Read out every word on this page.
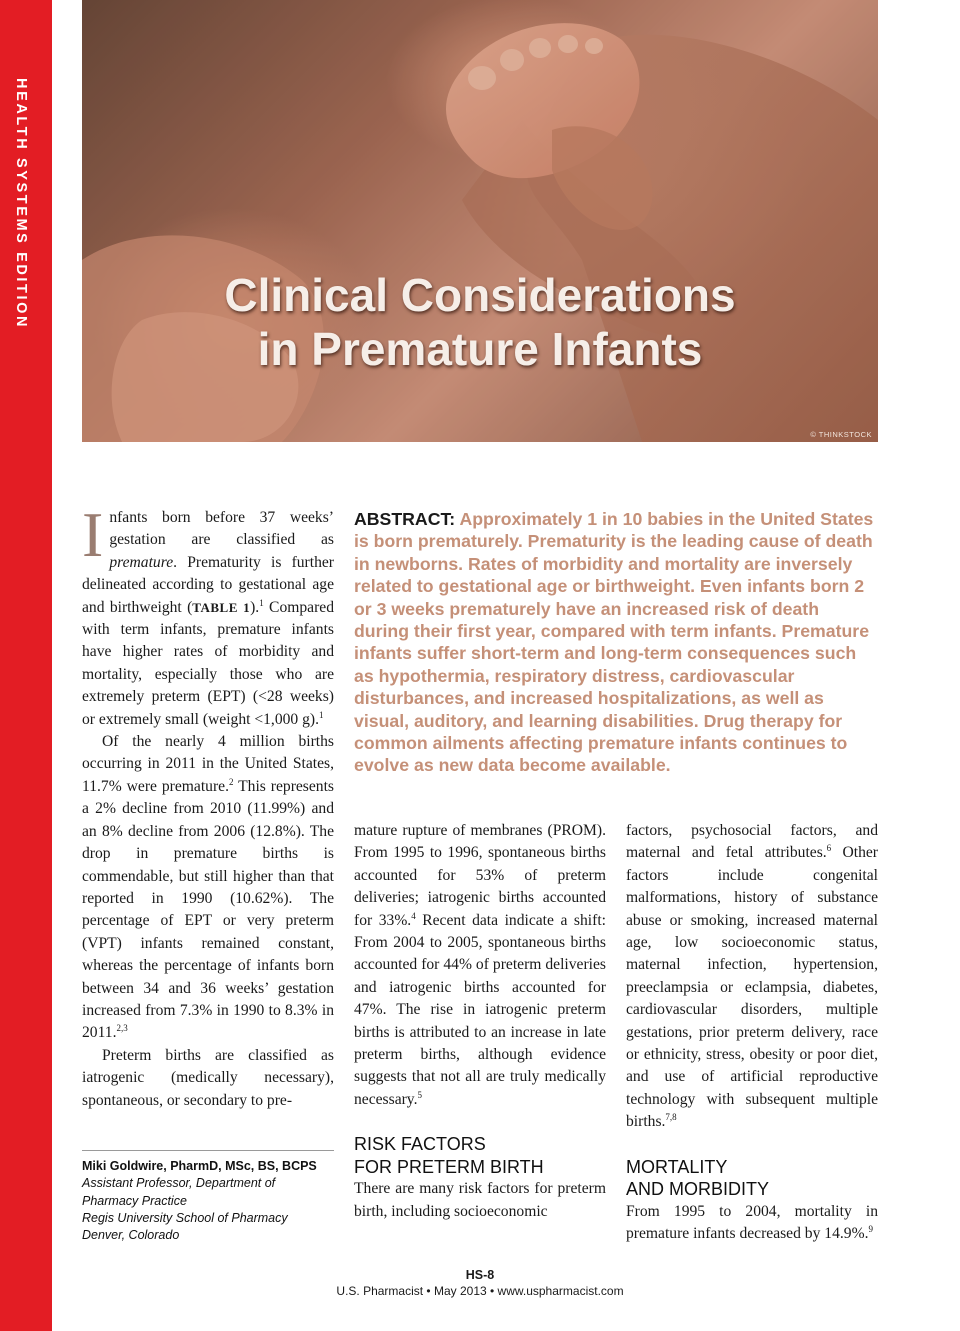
HEALTH SYSTEMS EDITION	Clinical Considerations
in Premature Infants
© THINKSTOCK

Infants born before 37 weeks’ gestation are classified as premature. Prematurity is further delineated according to gestational age and birthweight (TABLE 1).$^1$ Compared with term infants, premature infants have higher rates of morbidity and mortality, especially those who are extremely preterm (EPT) (<28 weeks) or extremely small (weight <1,000 g).$^1$

Of the nearly 4 million births occurring in 2011 in the United States, 11.7% were premature.$^2$ This represents a 2% decline from 2010 (11.99%) and an 8% decline from 2006 (12.8%). The drop in premature births is commendable, but still higher than that reported in 1990 (10.62%). The percentage of EPT or very preterm (VPT) infants remained constant, whereas the percentage of infants born between 34 and 36 weeks’ gestation increased from 7.3% in 1990 to 8.3% in 2011.$^{2,3}$

Preterm births are classified as iatrogenic (medically necessary), spontaneous, or secondary to pre-

ABSTRACT: Approximately 1 in 10 babies in the United States is born prematurely. Prematurity is the leading cause of death in newborns. Rates of morbidity and mortality are inversely related to gestational age or birthweight. Even infants born 2 or 3 weeks prematurely have an increased risk of death during their first year, compared with term infants. Premature infants suffer short-term and long-term consequences such as hypothermia, respiratory distress, cardiovascular disturbances, and increased hospitalizations, as well as visual, auditory, and learning disabilities. Drug therapy for common ailments affecting premature infants continues to evolve as new data become available.

mature rupture of membranes (PROM). From 1995 to 1996, spontaneous births accounted for 53% of preterm deliveries; iatrogenic births accounted for 33%.$^4$ Recent data indicate a shift: From 2004 to 2005, spontaneous births accounted for 44% of preterm deliveries and iatrogenic births accounted for 47%. The rise in iatrogenic preterm births is attributed to an increase in late preterm births, although evidence suggests that not all are truly medically necessary.$^5$

RISK FACTORS
FOR PRETERM BIRTH

There are many risk factors for preterm birth, including socioeconomic

factors, psychosocial factors, and maternal and fetal attributes.$^6$ Other factors include congenital malformations, history of substance abuse or smoking, increased maternal age, low socioeconomic status, maternal infection, hypertension, preeclampsia or eclampsia, diabetes, cardiovascular disorders, multiple gestations, prior preterm delivery, race or ethnicity, stress, obesity or poor diet, and use of artificial reproductive technology with subsequent multiple births.$^{7,8}$

MORTALITY
AND MORBIDITY

From 1995 to 2004, mortality in premature infants decreased by 14.9%.$^9$

Miki Goldwire, PharmD, MSc, BS, BCPS
Assistant Professor, Department of
Pharmacy Practice
Regis University School of Pharmacy
Denver, Colorado
HS-8
U.S. Pharmacist • May 2013 • www.uspharmacist.com
